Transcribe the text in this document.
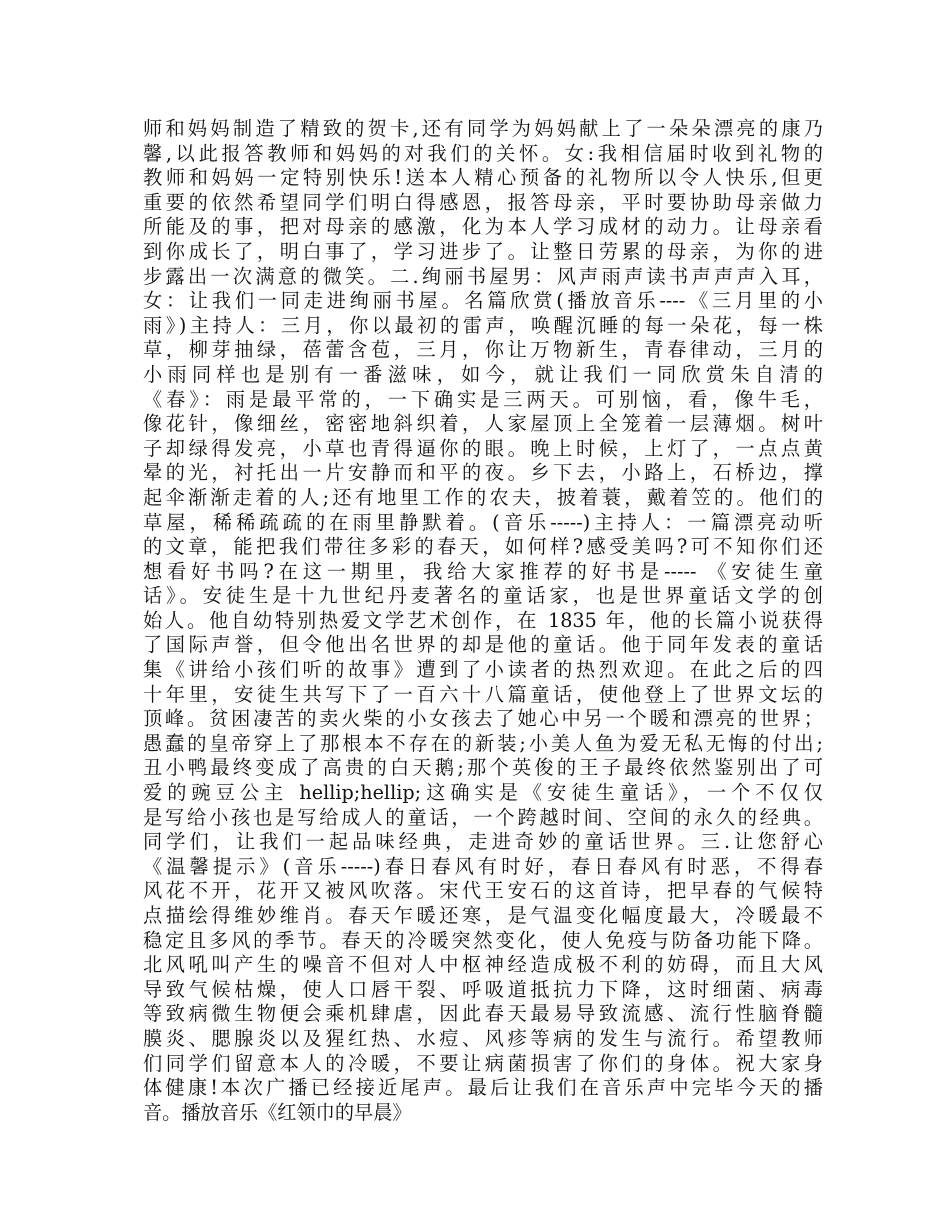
师和妈妈制造了精致的贺卡,还有同学为妈妈献上了一朵朵漂亮的康乃
馨,以此报答教师和妈妈的对我们的关怀。女:我相信届时收到礼物的
教师和妈妈一定特别快乐!送本人精心预备的礼物所以令人快乐,但更
重要的依然希望同学们明白得感恩，报答母亲，平时要协助母亲做力
所能及的事，把对母亲的感激，化为本人学习成材的动力。让母亲看
到你成长了，明白事了，学习进步了。让整日劳累的母亲，为你的进
步露出一次满意的微笑。二.绚丽书屋男：风声雨声读书声声声入耳，
女：让我们一同走进绚丽书屋。名篇欣赏(播放音乐----《三月里的小
雨》)主持人：三月，你以最初的雷声，唤醒沉睡的每一朵花，每一株
草，柳芽抽绿，蓓蕾含苞，三月，你让万物新生，青春律动，三月的
小雨同样也是别有一番滋味，如今，就让我们一同欣赏朱自清的
《春》：雨是最平常的，一下确实是三两天。可别恼，看，像牛毛，
像花针，像细丝，密密地斜织着，人家屋顶上全笼着一层薄烟。树叶
子却绿得发亮，小草也青得逼你的眼。晚上时候，上灯了，一点点黄
晕的光，衬托出一片安静而和平的夜。乡下去，小路上，石桥边，撑
起伞渐渐走着的人;还有地里工作的农夫，披着蓑，戴着笠的。他们的
草屋，稀稀疏疏的在雨里静默着。(音乐-----)主持人：一篇漂亮动听
的文章，能把我们带往多彩的春天，如何样?感受美吗?可不知你们还
想看好书吗?在这一期里，我给大家推荐的好书是----- 《安徒生童
话》。安徒生是十九世纪丹麦著名的童话家，也是世界童话文学的创
始人。他自幼特别热爱文学艺术创作，在 1835 年，他的长篇小说获得
了国际声誉，但令他出名世界的却是他的童话。他于同年发表的童话
集《讲给小孩们听的故事》遭到了小读者的热烈欢迎。在此之后的四
十年里，安徒生共写下了一百六十八篇童话，使他登上了世界文坛的
顶峰。贫困凄苦的卖火柴的小女孩去了她心中另一个暖和漂亮的世界；
愚蠢的皇帝穿上了那根本不存在的新装;小美人鱼为爱无私无悔的付出;
丑小鸭最终变成了高贵的白天鹅;那个英俊的王子最终依然鉴别出了可
爱的豌豆公主 hellip;hellip;这确实是《安徒生童话》，一个不仅仅
是写给小孩也是写给成人的童话，一个跨越时间、空间的永久的经典。
同学们，让我们一起品味经典，走进奇妙的童话世界。三.让您舒心
《温馨提示》(音乐-----)春日春风有时好，春日春风有时恶，不得春
风花不开，花开又被风吹落。宋代王安石的这首诗，把早春的气候特
点描绘得维妙维肖。春天乍暖还寒，是气温变化幅度最大，冷暖最不
稳定且多风的季节。春天的冷暖突然变化，使人免疫与防备功能下降。
北风吼叫产生的噪音不但对人中枢神经造成极不利的妨碍，而且大风
导致气候枯燥，使人口唇干裂、呼吸道抵抗力下降，这时细菌、病毒
等致病微生物便会乘机肆虐，因此春天最易导致流感、流行性脑脊髓
膜炎、腮腺炎以及猩红热、水痘、风疹等病的发生与流行。希望教师
们同学们留意本人的冷暖，不要让病菌损害了你们的身体。祝大家身
体健康!本次广播已经接近尾声。最后让我们在音乐声中完毕今天的播
音。播放音乐《红领巾的早晨》
